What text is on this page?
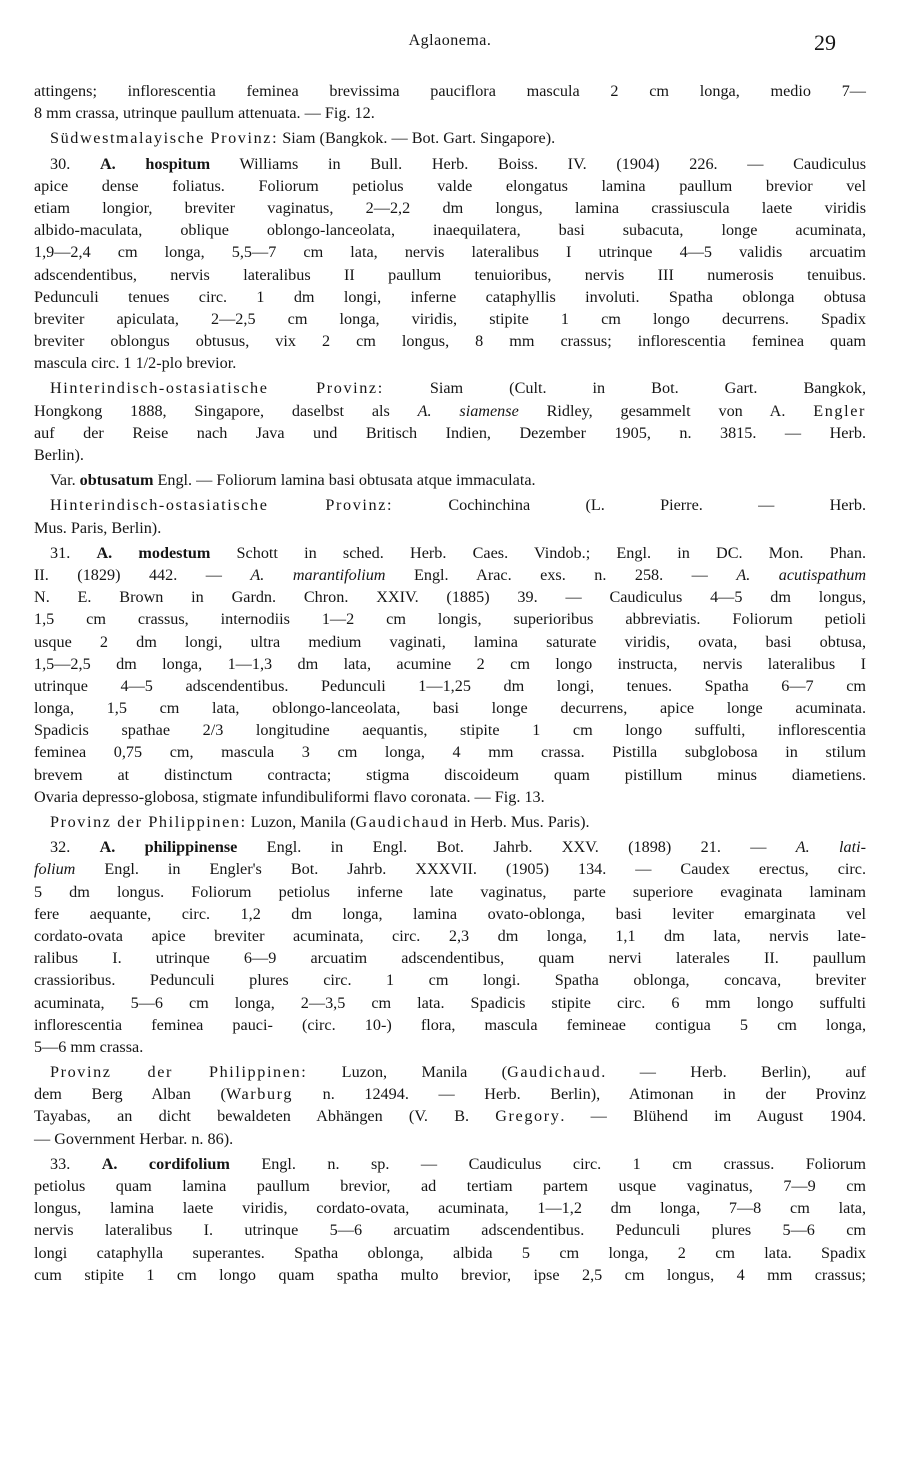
Aglaonema.	29
attingens; inflorescentia feminea brevissima pauciflora mascula 2 cm longa, medio 7—
8 mm crassa, utrinque paullum attenuata. — Fig. 12.
Südwestmalayische Provinz: Siam (Bangkok. — Bot. Gart. Singapore).
30. A. hospitum Williams in Bull. Herb. Boiss. IV. (1904) 226. — Caudiculus
apice dense foliatus. Foliorum petiolus valde elongatus lamina paullum brevior vel
etiam longior, breviter vaginatus, 2—2,2 dm longus, lamina crassiuscula laete viridis
albido-maculata, oblique oblongo-lanceolata, inaequilatera, basi subacuta, longe acuminata,
1,9—2,4 cm longa, 5,5—7 cm lata, nervis lateralibus I utrinque 4—5 validis arcuatim
adscendentibus, nervis lateralibus II paullum tenuioribus, nervis III numerosis tenuibus.
Pedunculi tenues circ. 1 dm longi, inferne cataphyllis involuti. Spatha oblonga obtusa
breviter apiculata, 2—2,5 cm longa, viridis, stipite 1 cm longo decurrens. Spadix
breviter oblongus obtusus, vix 2 cm longus, 8 mm crassus; inflorescentia feminea quam
mascula circ. 1 1/2-plo brevior.
Hinterindisch-ostasiatische Provinz: Siam (Cult. in Bot. Gart. Bangkok,
Hongkong 1888, Singapore, daselbst als A. siamense Ridley, gesammelt von A. Engler
auf der Reise nach Java und Britisch Indien, Dezember 1905, n. 3815. — Herb.
Berlin).
Var. obtusatum Engl. — Foliorum lamina basi obtusata atque immaculata.
Hinterindisch-ostasiatische Provinz: Cochinchina (L. Pierre. — Herb.
Mus. Paris, Berlin).
31. A. modestum Schott in sched. Herb. Caes. Vindob.; Engl. in DC. Mon. Phan.
II. (1829) 442. — A. marantifolium Engl. Arac. exs. n. 258. — A. acutispathum
N. E. Brown in Gardn. Chron. XXIV. (1885) 39. — Caudiculus 4—5 dm longus,
1,5 cm crassus, internodiis 1—2 cm longis, superioribus abbreviatis. Foliorum petioli
usque 2 dm longi, ultra medium vaginati, lamina saturate viridis, ovata, basi obtusa,
1,5—2,5 dm longa, 1—1,3 dm lata, acumine 2 cm longo instructa, nervis lateralibus I
utrinque 4—5 adscendentibus. Pedunculi 1—1,25 dm longi, tenues. Spatha 6—7 cm
longa, 1,5 cm lata, oblongo-lanceolata, basi longe decurrens, apice longe acuminata.
Spadicis spathae 2/3 longitudine aequantis, stipite 1 cm longo suffulti, inflorescentia
feminea 0,75 cm, mascula 3 cm longa, 4 mm crassa. Pistilla subglobosa in stilum
brevem at distinctum contracta; stigma discoideum quam pistillum minus diametiens.
Ovaria depresso-globosa, stigmate infundibuliformi flavo coronata. — Fig. 13.
Provinz der Philippinen: Luzon, Manila (Gaudichaud in Herb. Mus. Paris).
32. A. philippinense Engl. in Engl. Bot. Jahrb. XXV. (1898) 21. — A. lati-
folium Engl. in Engler's Bot. Jahrb. XXXVII. (1905) 134. — Caudex erectus, circ.
5 dm longus. Foliorum petiolus inferne late vaginatus, parte superiore evaginata laminam
fere aequante, circ. 1,2 dm longa, lamina ovato-oblonga, basi leviter emarginata vel
cordato-ovata apice breviter acuminata, circ. 2,3 dm longa, 1,1 dm lata, nervis late-
ralibus I. utrinque 6—9 arcuatim adscendentibus, quam nervi laterales II. paullum
crassioribus. Pedunculi plures circ. 1 cm longi. Spatha oblonga, concava, breviter
acuminata, 5—6 cm longa, 2—3,5 cm lata. Spadicis stipite circ. 6 mm longo suffulti
inflorescentia feminea pauci- (circ. 10-) flora, mascula femineae contigua 5 cm longa,
5—6 mm crassa.
Provinz der Philippinen: Luzon, Manila (Gaudichaud. — Herb. Berlin), auf
dem Berg Alban (Warburg n. 12494. — Herb. Berlin), Atimonan in der Provinz
Tayabas, an dicht bewaldeten Abhängen (V. B. Gregory. — Blühend im August 1904.
— Government Herbar. n. 86).
33. A. cordifolium Engl. n. sp. — Caudiculus circ. 1 cm crassus. Foliorum
petiolus quam lamina paullum brevior, ad tertiam partem usque vaginatus, 7—9 cm
longus, lamina laete viridis, cordato-ovata, acuminata, 1—1,2 dm longa, 7—8 cm lata,
nervis lateralibus I. utrinque 5—6 arcuatim adscendentibus. Pedunculi plures 5—6 cm
longi cataphylla superantes. Spatha oblonga, albida 5 cm longa, 2 cm lata. Spadix
cum stipite 1 cm longo quam spatha multo brevior, ipse 2,5 cm longus, 4 mm crassus;
